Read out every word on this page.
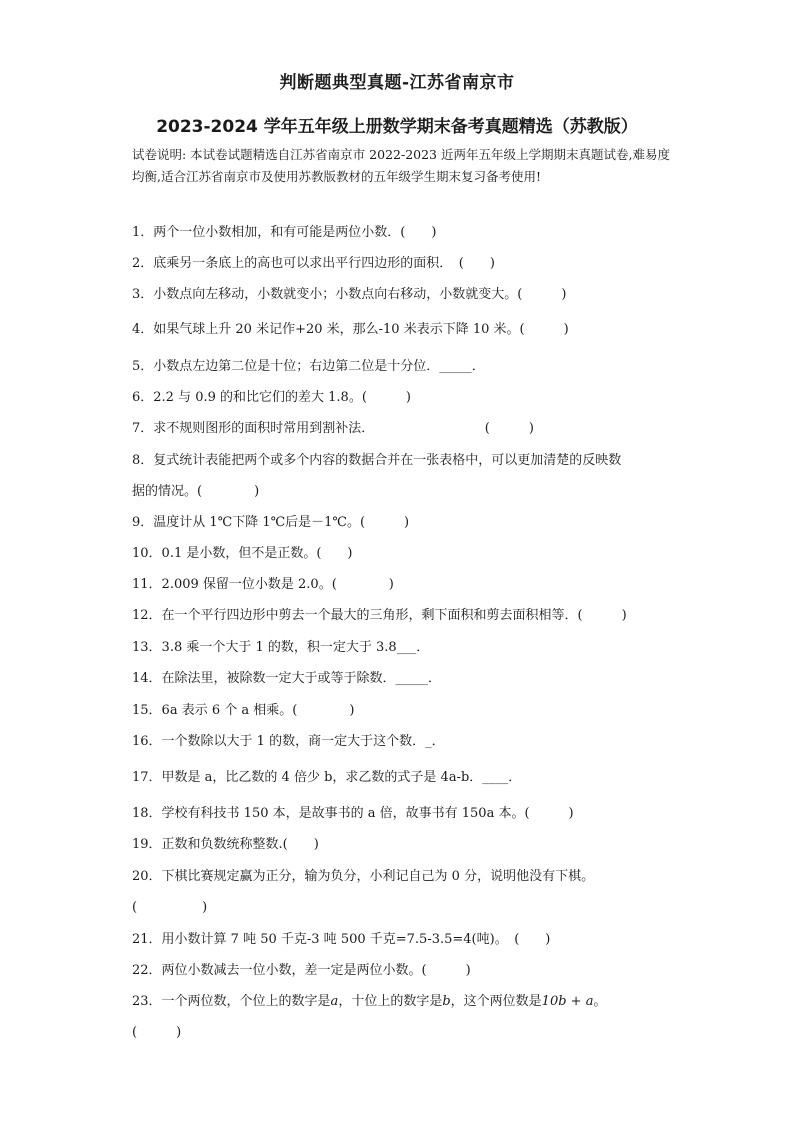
判断题典型真题-江苏省南京市
2023-2024 学年五年级上册数学期末备考真题精选（苏教版）
试卷说明: 本试卷试题精选自江苏省南京市 2022-2023 近两年五年级上学期期末真题试卷,难易度均衡,适合江苏省南京市及使用苏教版教材的五年级学生期末复习备考使用!
1．两个一位小数相加，和有可能是两位小数．(　　)
2．底乘另一条底上的高也可以求出平行四边形的面积．　(　　)
3．小数点向左移动，小数就变小；小数点向右移动，小数就变大。(　　　)
4．如果气球上升 20 米记作+20 米，那么-10 米表示下降 10 米。(　　　)
5．小数点左边第二位是十位；右边第二位是十分位．_____．
6．2.2 与 0.9 的和比它们的差大 1.8。(　　　)
7．求不规则图形的面积时常用到割补法．　　　　　　　　　(　　　)
8．复式统计表能把两个或多个内容的数据合并在一张表格中，可以更加清楚的反映数
据的情况。(　　　　)
9．温度计从 1℃下降 1℃后是－1℃。(　　　)
10．0.1 是小数，但不是正数。(　　)
11．2.009 保留一位小数是 2.0。(　　　　)
12．在一个平行四边形中剪去一个最大的三角形，剩下面积和剪去面积相等．(　　　)
13．3.8 乘一个大于 1 的数，积一定大于 3.8___．
14．在除法里，被除数一定大于或等于除数．_____．
15．6a 表示 6 个 a 相乘。(　　　　)
16．一个数除以大于 1 的数，商一定大于这个数．_．
17．甲数是 a，比乙数的 4 倍少 b，求乙数的式子是 4a-b．____．
18．学校有科技书 150 本，是故事书的 a 倍，故事书有 150a 本。(　　　)
19．正数和负数统称整数.(　　)
20．下棋比赛规定赢为正分，输为负分，小利记自己为 0 分，说明他没有下棋。
(　　　　　)
21．用小数计算 7 吨 50 千克-3 吨 500 千克=7.5-3.5=4(吨)。　(　　)
22．两位小数减去一位小数，差一定是两位小数。(　　　)
23．一个两位数，个位上的数字是a，十位上的数字是b，这个两位数是10b + a。
(　　　)
